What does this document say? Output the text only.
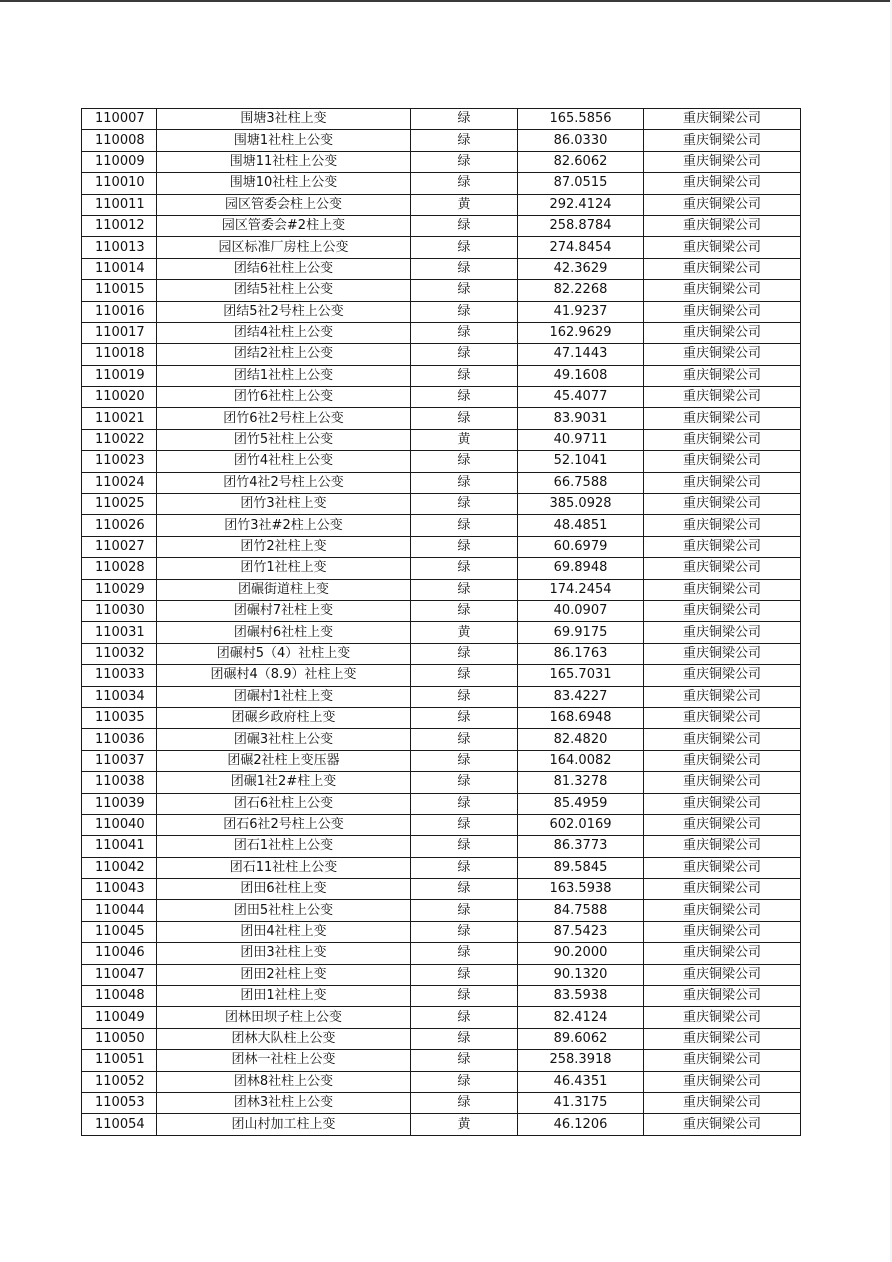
110007	围塘3社柱上变	绿	165.5856	重庆铜梁公司
110008	围塘1社柱上公变	绿	86.0330	重庆铜梁公司
110009	围塘11社柱上公变	绿	82.6062	重庆铜梁公司
110010	围塘10社柱上公变	绿	87.0515	重庆铜梁公司
110011	园区管委会柱上公变	黄	292.4124	重庆铜梁公司
110012	园区管委会#2柱上变	绿	258.8784	重庆铜梁公司
110013	园区标准厂房柱上公变	绿	274.8454	重庆铜梁公司
110014	团结6社柱上公变	绿	42.3629	重庆铜梁公司
110015	团结5社柱上公变	绿	82.2268	重庆铜梁公司
110016	团结5社2号柱上公变	绿	41.9237	重庆铜梁公司
110017	团结4社柱上公变	绿	162.9629	重庆铜梁公司
110018	团结2社柱上公变	绿	47.1443	重庆铜梁公司
110019	团结1社柱上公变	绿	49.1608	重庆铜梁公司
110020	团竹6社柱上公变	绿	45.4077	重庆铜梁公司
110021	团竹6社2号柱上公变	绿	83.9031	重庆铜梁公司
110022	团竹5社柱上公变	黄	40.9711	重庆铜梁公司
110023	团竹4社柱上公变	绿	52.1041	重庆铜梁公司
110024	团竹4社2号柱上公变	绿	66.7588	重庆铜梁公司
110025	团竹3社柱上变	绿	385.0928	重庆铜梁公司
110026	团竹3社#2柱上公变	绿	48.4851	重庆铜梁公司
110027	团竹2社柱上变	绿	60.6979	重庆铜梁公司
110028	团竹1社柱上变	绿	69.8948	重庆铜梁公司
110029	团碾街道柱上变	绿	174.2454	重庆铜梁公司
110030	团碾村7社柱上变	绿	40.0907	重庆铜梁公司
110031	团碾村6社柱上变	黄	69.9175	重庆铜梁公司
110032	团碾村5（4）社柱上变	绿	86.1763	重庆铜梁公司
110033	团碾村4（8.9）社柱上变	绿	165.7031	重庆铜梁公司
110034	团碾村1社柱上变	绿	83.4227	重庆铜梁公司
110035	团碾乡政府柱上变	绿	168.6948	重庆铜梁公司
110036	团碾3社柱上公变	绿	82.4820	重庆铜梁公司
110037	团碾2社柱上变压器	绿	164.0082	重庆铜梁公司
110038	团碾1社2#柱上变	绿	81.3278	重庆铜梁公司
110039	团石6社柱上公变	绿	85.4959	重庆铜梁公司
110040	团石6社2号柱上公变	绿	602.0169	重庆铜梁公司
110041	团石1社柱上公变	绿	86.3773	重庆铜梁公司
110042	团石11社柱上公变	绿	89.5845	重庆铜梁公司
110043	团田6社柱上变	绿	163.5938	重庆铜梁公司
110044	团田5社柱上公变	绿	84.7588	重庆铜梁公司
110045	团田4社柱上变	绿	87.5423	重庆铜梁公司
110046	团田3社柱上变	绿	90.2000	重庆铜梁公司
110047	团田2社柱上变	绿	90.1320	重庆铜梁公司
110048	团田1社柱上变	绿	83.5938	重庆铜梁公司
110049	团林田坝子柱上公变	绿	82.4124	重庆铜梁公司
110050	团林大队柱上公变	绿	89.6062	重庆铜梁公司
110051	团林一社柱上公变	绿	258.3918	重庆铜梁公司
110052	团林8社柱上公变	绿	46.4351	重庆铜梁公司
110053	团林3社柱上公变	绿	41.3175	重庆铜梁公司
110054	团山村加工柱上变	黄	46.1206	重庆铜梁公司
